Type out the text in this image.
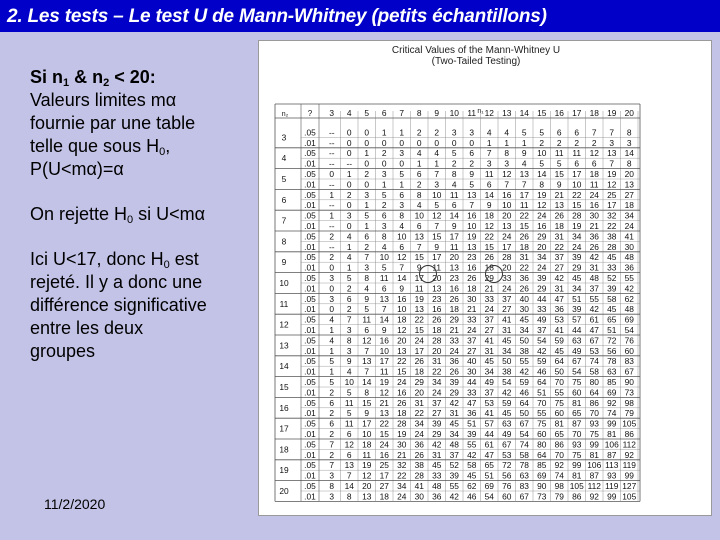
2. Les tests – Le test U de Mann-Whitney (petits échantillons)

Si $n_1$ & $n_2 < 20$:

Valeurs limites mα

fournie par une table

telle que sous $H_0$,

P(U<mα)=α

On rejette $H_0$ si U<mα

Ici U<17, donc $H_0$ est

rejeté. Il y a donc une

différence significative

entre les deux

groupes

11/2/2020
Critical Values of the Mann-Whitney U
(Two-Tailed Testing)
n₂ ?	n₁
3 4 5 6 7 8 9 10 11 12 13 14 15 16 17 18 19 20
3 .05 -- 0 0 1 1 2 2 3 3 4 4 5 5 6 6 7 7 8
.01 -- 0 0 0 0 0 0 0 0 1 1 1 2 2 2 2 3 3
4 .05 -- 0 1 2 3 4 4 5 6 7 8 9 10 11 11 12 13 14
.01 -- -- 0 0 0 1 1 2 2 3 3 4 5 5 6 6 7 8
5 .05 0 1 2 3 5 6 7 8 9 11 12 13 14 15 17 18 19 20
.01 -- 0 0 1 1 2 3 4 5 6 7 7 8 9 10 11 12 13
6 .05 1 2 3 5 6 8 10 11 13 14 16 17 19 21 22 24 25 27
.01 -- 0 1 2 3 4 5 6 7 9 10 11 12 13 15 16 17 18
7 .05 1 3 5 6 8 10 12 14 16 18 20 22 24 26 28 30 32 34
.01 -- 0 1 3 4 6 7 9 10 12 13 15 16 18 19 21 22 24
8 .05 2 4 6 8 10 13 15 17 19 22 24 26 29 31 34 36 38 41
.01 -- 1 2 4 6 7 9 11 13 15 17 18 20 22 24 26 28 30
9 .05 2 4 7 10 12 15 17 20 23 26 28 31 34 37 39 42 45 48
.01 0 1 3 5 7 9 11 13 16 18 20 22 24 27 29 31 33 36
10 .05 3 5 8 11 14 17 20 23 26 29 33 36 39 42 45 48 52 55
.01 0 2 4 6 9 11 13 16 18 21 24 26 29 31 34 37 39 42
11 .05 3 6 9 13 16 19 23 26 30 33 37 40 44 47 51 55 58 62
.01 0 2 5 7 10 13 16 18 21 24 27 30 33 36 39 42 45 48
12 .05 4 7 11 14 18 22 26 29 33 37 41 45 49 53 57 61 65 69
.01 1 3 6 9 12 15 18 21 24 27 31 34 37 41 44 47 51 54
13 .05 4 8 12 16 20 24 28 33 37 41 45 50 54 59 63 67 72 76
.01 1 3 7 10 13 17 20 24 27 31 34 38 42 45 49 53 56 60
14 .05 5 9 13 17 22 26 31 36 40 45 50 55 59 64 67 74 78 83
.01 1 4 7 11 15 18 22 26 30 34 38 42 46 50 54 58 63 67
15 .05 5 10 14 19 24 29 34 39 44 49 54 59 64 70 75 80 85 90
.01 2 5 8 12 16 20 24 29 33 37 42 46 51 55 60 64 69 73
16 .05 6 11 15 21 26 31 37 42 47 53 59 64 70 75 81 86 92 98
.01 2 5 9 13 18 22 27 31 36 41 45 50 55 60 65 70 74 79
17 .05 6 11 17 22 28 34 39 45 51 57 63 67 75 81 87 93 99 105
.01 2 6 10 15 19 24 29 34 39 44 49 54 60 65 70 75 81 86
18 .05 7 12 18 24 30 36 42 48 55 61 67 74 80 86 93 99 106 112
.01 2 6 11 16 21 26 31 37 42 47 53 58 64 70 75 81 87 92
19 .05 7 13 19 25 32 38 45 52 58 65 72 78 85 92 99 106 113 119
.01 3 7 12 17 22 28 33 39 45 51 56 63 69 74 81 87 93 99
20 .05 8 14 20 27 34 41 48 55 62 69 76 83 90 98 105 112 119 127
.01 3 8 13 18 24 30 36 42 46 54 60 67 73 79 86 92 99 105
